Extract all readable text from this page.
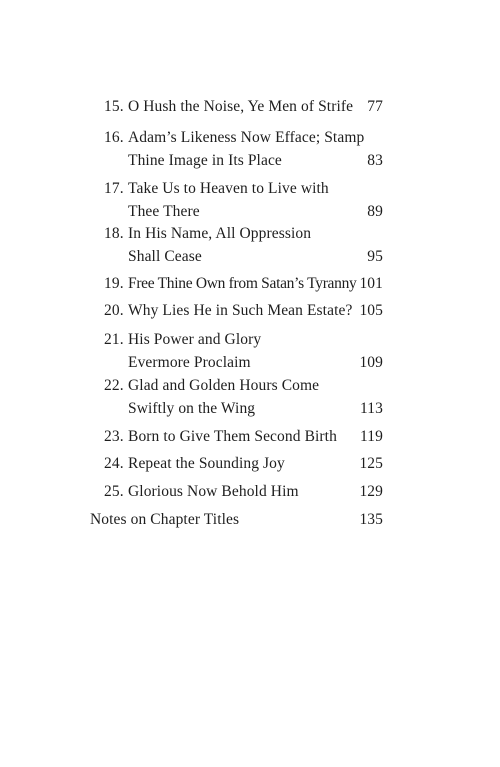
15. O Hush the Noise, Ye Men of Strife 77
16. Adam’s Likeness Now Efface; Stamp
Thine Image in Its Place	83
17. Take Us to Heaven to Live with
Thee There	89
18. In His Name, All Oppression
Shall Cease	95
19. Free Thine Own from Satan’s Tyranny 101
20. Why Lies He in Such Mean Estate? 105
21. His Power and Glory
Evermore Proclaim	109
22. Glad and Golden Hours Come
Swiftly on the Wing	113
23. Born to Give Them Second Birth	119
24. Repeat the Sounding Joy	125
25. Glorious Now Behold Him	129
Notes on Chapter Titles	135
